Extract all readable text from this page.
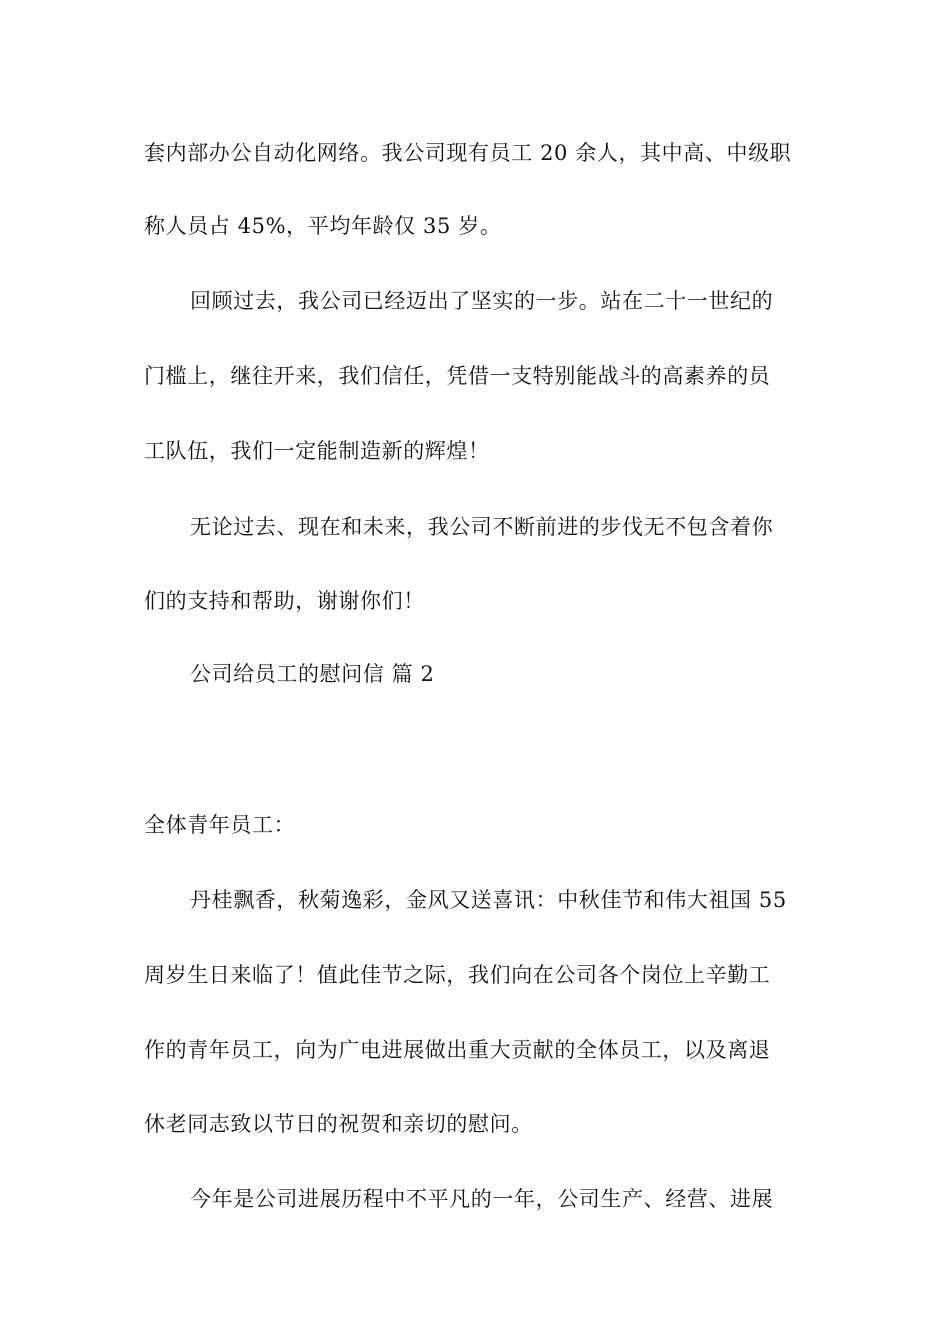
套内部办公自动化网络。我公司现有员工 20 余人，其中高、中级职
称人员占 45%，平均年龄仅 35 岁。
回顾过去，我公司已经迈出了坚实的一步。站在二十一世纪的
门槛上，继往开来，我们信任，凭借一支特别能战斗的高素养的员
工队伍，我们一定能制造新的辉煌！
无论过去、现在和未来，我公司不断前进的步伐无不包含着你
们的支持和帮助，谢谢你们！
公司给员工的慰问信 篇 2
全体青年员工：
丹桂飘香，秋菊逸彩，金风又送喜讯：中秋佳节和伟大祖国 55
周岁生日来临了！值此佳节之际，我们向在公司各个岗位上辛勤工
作的青年员工，向为广电进展做出重大贡献的全体员工，以及离退
休老同志致以节日的祝贺和亲切的慰问。
今年是公司进展历程中不平凡的一年，公司生产、经营、进展
